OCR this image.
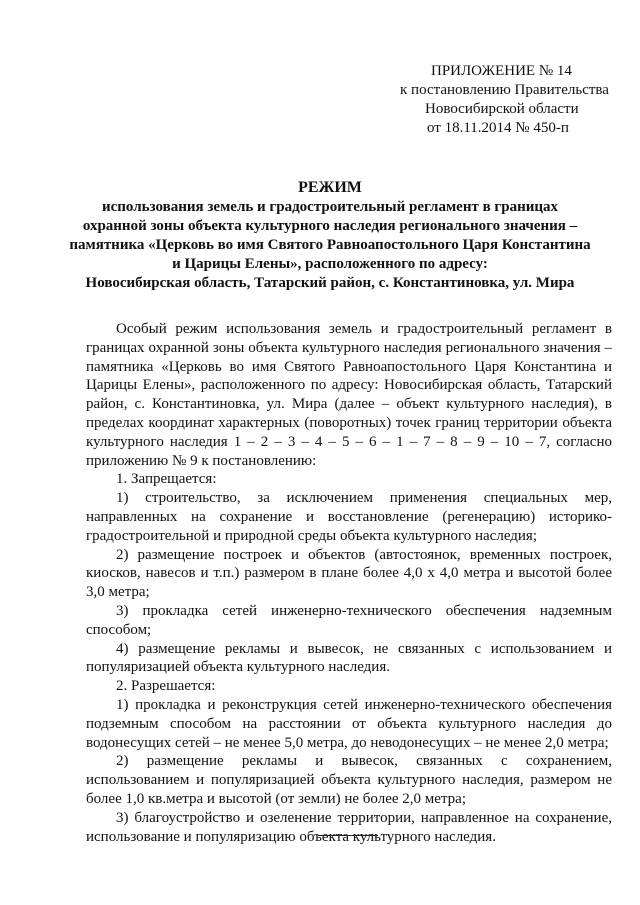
ПРИЛОЖЕНИЕ № 14
к постановлению Правительства
Новосибирской области
от 18.11.2014 № 450-п
РЕЖИМ
использования земель и градостроительный регламент в границах
охранной зоны объекта культурного наследия регионального значения –
памятника «Церковь во имя Святого Равноапостольного Царя Константина
и Царицы Елены», расположенного по адресу:
Новосибирская область, Татарский район, с. Константиновка, ул. Мира

Особый режим использования земель и градостроительный регламент в границах охранной зоны объекта культурного наследия регионального значения – памятника «Церковь во имя Святого Равноапостольного Царя Константина и Царицы Елены», расположенного по адресу: Новосибирская область, Татарский район, с. Константиновка, ул. Мира (далее – объект культурного наследия), в пределах координат характерных (поворотных) точек границ территории объекта культурного наследия 1 – 2 – 3 – 4 – 5 – 6 – 1 – 7 – 8 – 9 – 10 – 7, согласно приложению № 9 к постановлению:

1. Запрещается:

1) строительство, за исключением применения специальных мер, направленных на сохранение и восстановление (регенерацию) историко-градостроительной и природной среды объекта культурного наследия;

2) размещение построек и объектов (автостоянок, временных построек, киосков, навесов и т.п.) размером в плане более 4,0 х 4,0 метра и высотой более 3,0 метра;

3) прокладка сетей инженерно-технического обеспечения надземным способом;

4) размещение рекламы и вывесок, не связанных с использованием и популяризацией объекта культурного наследия.

2. Разрешается:

1) прокладка и реконструкция сетей инженерно-технического обеспечения подземным способом на расстоянии от объекта культурного наследия до водонесущих сетей – не менее 5,0 метра, до неводонесущих – не менее 2,0 метра;

2) размещение рекламы и вывесок, связанных с сохранением, использованием и популяризацией объекта культурного наследия, размером не более 1,0 кв.метра и высотой (от земли) не более 2,0 метра;

3) благоустройство и озеленение территории, направленное на сохранение, использование и популяризацию объекта культурного наследия.
